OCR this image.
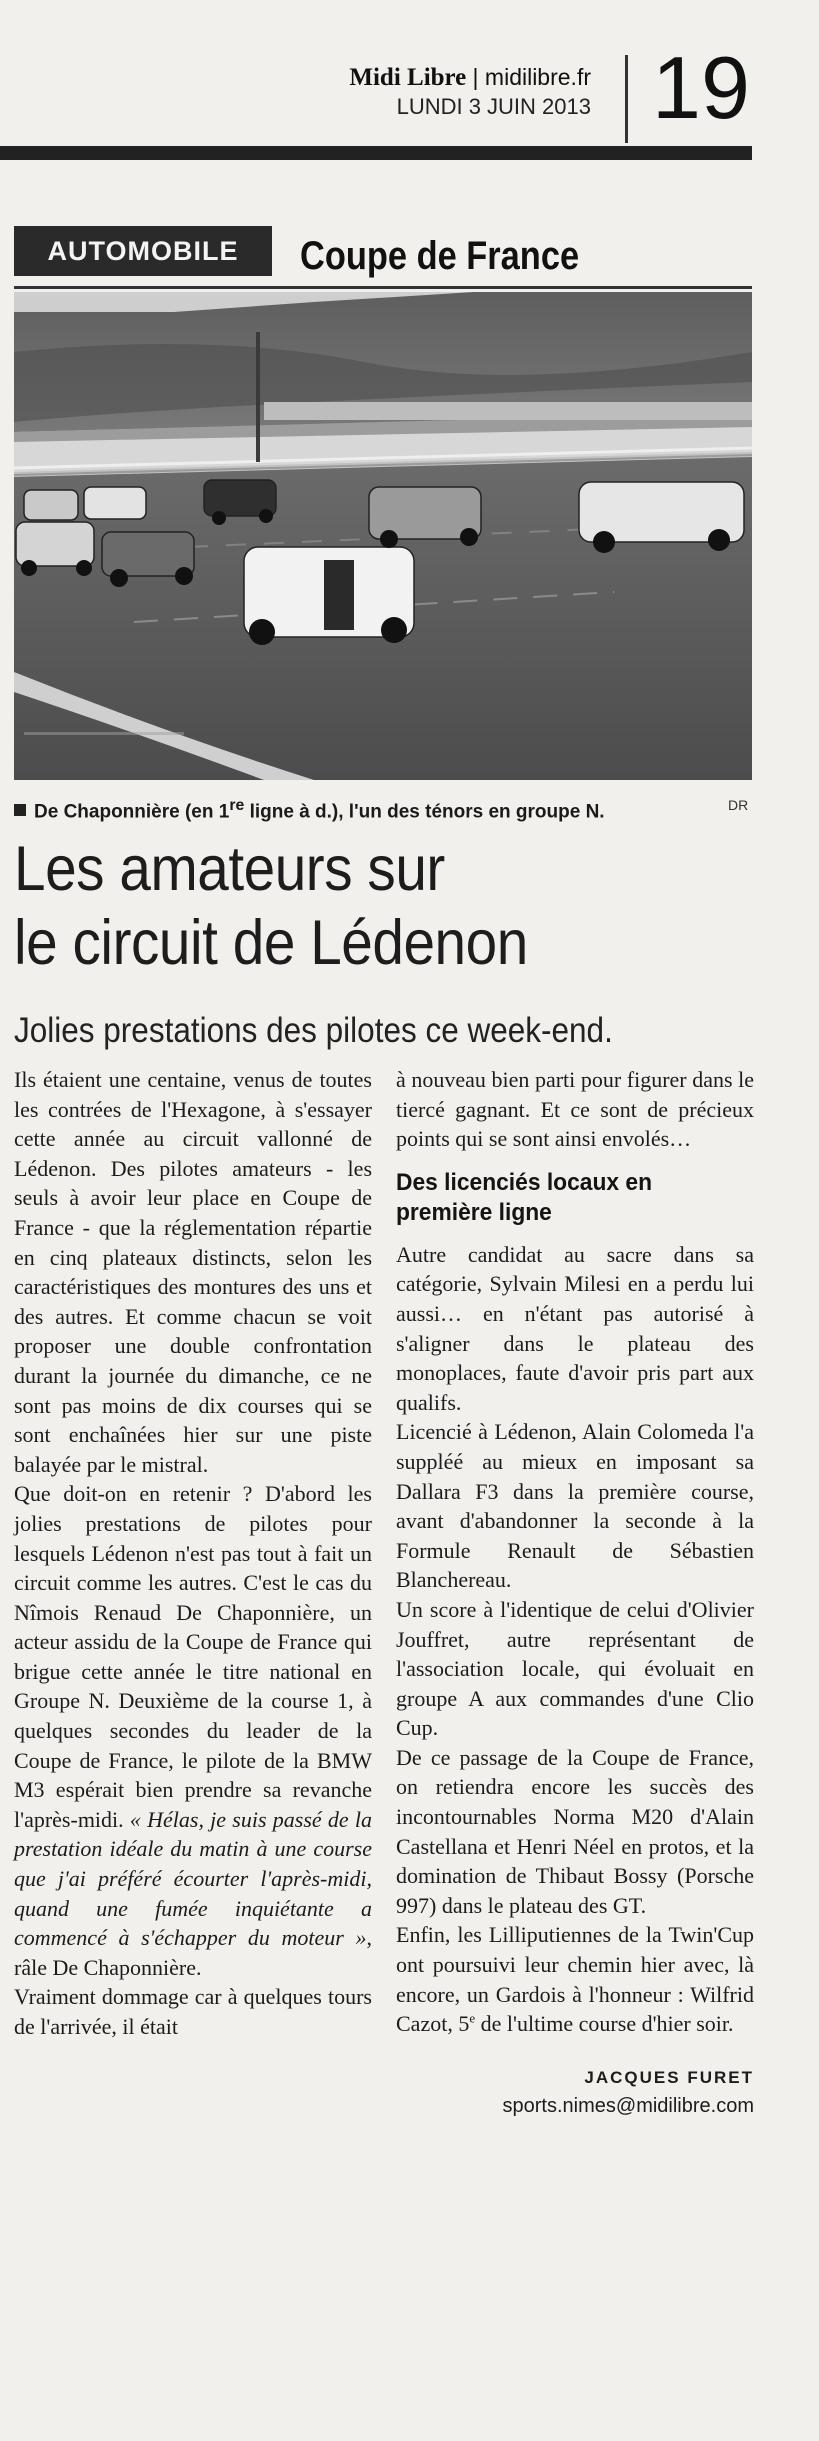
Midi Libre | midilibre.fr
LUNDI 3 JUIN 2013 19
AUTOMOBILE	Coupe de France
De Chaponnière (en 1re ligne à d.), l'un des ténors en groupe N.	DR
Les amateurs sur
le circuit de Lédenon
Jolies prestations des pilotes ce week-end.

Ils étaient une centaine, venus de toutes les contrées de l'Hexagone, à s'essayer cette année au circuit vallonné de Lédenon. Des pilotes amateurs - les seuls à avoir leur place en Coupe de France - que la réglementation répartie en cinq plateaux distincts, selon les caractéristiques des montures des uns et des autres. Et comme chacun se voit proposer une double confrontation durant la journée du dimanche, ce ne sont pas moins de dix courses qui se sont enchaînées hier sur une piste balayée par le mistral.

Que doit-on en retenir ? D'abord les jolies prestations de pilotes pour lesquels Lédenon n'est pas tout à fait un circuit comme les autres. C'est le cas du Nîmois Renaud De Chaponnière, un acteur assidu de la Coupe de France qui brigue cette année le titre national en Groupe N. Deuxième de la course 1, à quelques secondes du leader de la Coupe de France, le pilote de la BMW M3 espérait bien prendre sa revanche l'après-midi. « Hélas, je suis passé de la prestation idéale du matin à une course que j'ai préféré écourter l'après-midi, quand une fumée inquiétante a commencé à s'échapper du moteur », râle De Chaponnière.

Vraiment dommage car à quelques tours de l'arrivée, il était

à nouveau bien parti pour figurer dans le tiercé gagnant. Et ce sont de précieux points qui se sont ainsi envolés…

Des licenciés locaux en première ligne

Autre candidat au sacre dans sa catégorie, Sylvain Milesi en a perdu lui aussi… en n'étant pas autorisé à s'aligner dans le plateau des monoplaces, faute d'avoir pris part aux qualifs.

Licencié à Lédenon, Alain Colomeda l'a suppléé au mieux en imposant sa Dallara F3 dans la première course, avant d'abandonner la seconde à la Formule Renault de Sébastien Blanchereau.

Un score à l'identique de celui d'Olivier Jouffret, autre représentant de l'association locale, qui évoluait en groupe A aux commandes d'une Clio Cup.

De ce passage de la Coupe de France, on retiendra encore les succès des incontournables Norma M20 d'Alain Castellana et Henri Néel en protos, et la domination de Thibaut Bossy (Porsche 997) dans le plateau des GT.

Enfin, les Lilliputiennes de la Twin'Cup ont poursuivi leur chemin hier avec, là encore, un Gardois à l'honneur : Wilfrid Cazot, 5e de l'ultime course d'hier soir.

JACQUES FURET
sports.nimes@midilibre.com
